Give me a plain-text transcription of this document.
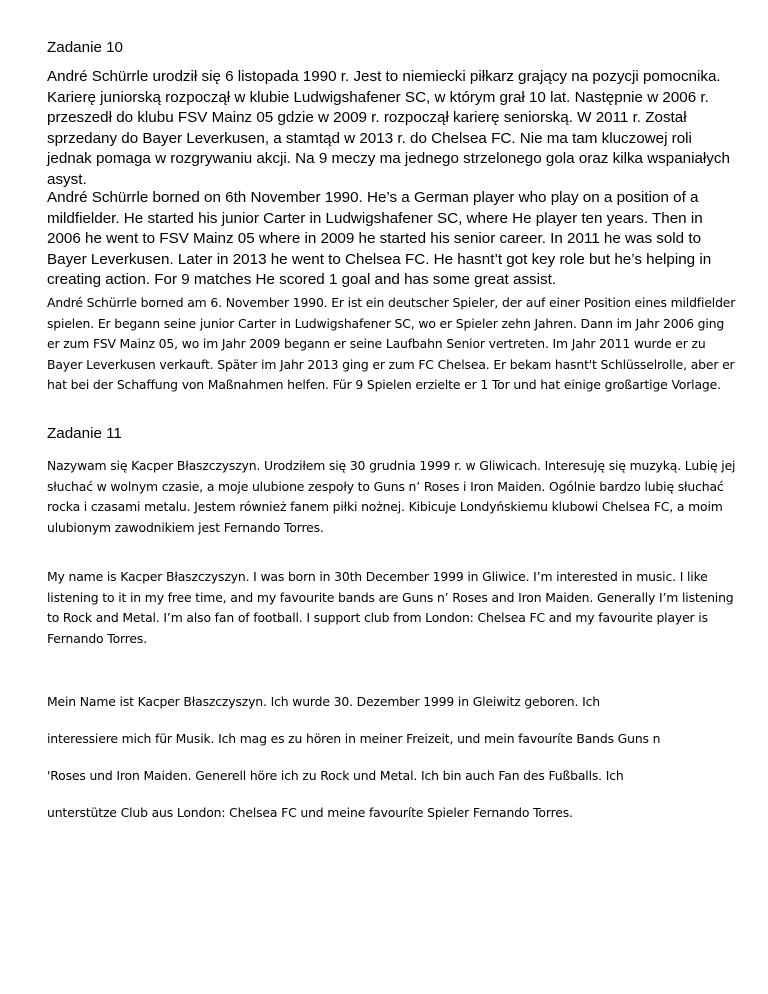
Zadanie 10

André Schürrle urodził się 6 listopada 1990 r. Jest to niemiecki piłkarz grający na pozycji pomocnika. Karierę juniorską rozpoczął w klubie Ludwigshafener SC, w którym grał 10 lat. Następnie w 2006 r. przeszedł do klubu FSV Mainz 05 gdzie w 2009 r. rozpoczął karierę seniorską. W 2011 r. Został sprzedany do Bayer Leverkusen, a stamtąd w 2013 r. do Chelsea FC. Nie ma tam kluczowej roli jednak pomaga w rozgrywaniu akcji. Na 9 meczy ma jednego strzelonego gola oraz kilka wspaniałych asyst.

André Schürrle borned on 6th November 1990. He’s a German player who play on a position of a mildfielder. He started his junior Carter in Ludwigshafener SC, where He player ten years. Then in 2006 he went to FSV Mainz 05 where in 2009 he started his senior career. In 2011 he was sold to Bayer Leverkusen. Later in 2013 he went to Chelsea FC. He hasnt’t got key role but he’s helping in creating action. For 9 matches He scored 1 goal and has some great assist.

André Schürrle borned am 6. November 1990. Er ist ein deutscher Spieler, der auf einer Position eines mildfielder spielen. Er begann seine junior Carter in Ludwigshafener SC, wo er Spieler zehn Jahren. Dann im Jahr 2006 ging er zum FSV Mainz 05, wo im Jahr 2009 begann er seine Laufbahn Senior vertreten. Im Jahr 2011 wurde er zu Bayer Leverkusen verkauft. Später im Jahr 2013 ging er zum FC Chelsea. Er bekam hasnt't Schlüsselrolle, aber er hat bei der Schaffung von Maßnahmen helfen. Für 9 Spielen erzielte er 1 Tor und hat einige großartige Vorlage.

Zadanie 11

Nazywam się Kacper Błaszczyszyn. Urodziłem się 30 grudnia 1999 r. w Gliwicach. Interesuję się muzyką. Lubię jej słuchać w wolnym czasie, a moje ulubione zespoły to Guns n’ Roses i Iron Maiden. Ogólnie bardzo lubię słuchać rocka i czasami metalu. Jestem również fanem piłki nożnej. Kibicuje Londyńskiemu klubowi Chelsea FC, a moim ulubionym zawodnikiem jest Fernando Torres.

My name is Kacper Błaszczyszyn. I was born in 30th December 1999 in Gliwice. I’m interested in music. I like listening to it in my free time, and my favourite bands are Guns n’ Roses and Iron Maiden. Generally I’m listening to Rock and Metal. I’m also fan of football. I support club from London: Chelsea FC and my favourite player is Fernando Torres.

Mein Name ist Kacper Błaszczyszyn. Ich wurde 30. Dezember 1999 in Gleiwitz geboren. Ich
interessiere mich für Musik. Ich mag es zu hören in meiner Freizeit, und mein favouríte Bands Guns n
'Roses und Iron Maiden. Generell höre ich zu Rock und Metal. Ich bin auch Fan des Fußballs. Ich
unterstütze Club aus London: Chelsea FC und meine favouríte Spieler Fernando Torres.
